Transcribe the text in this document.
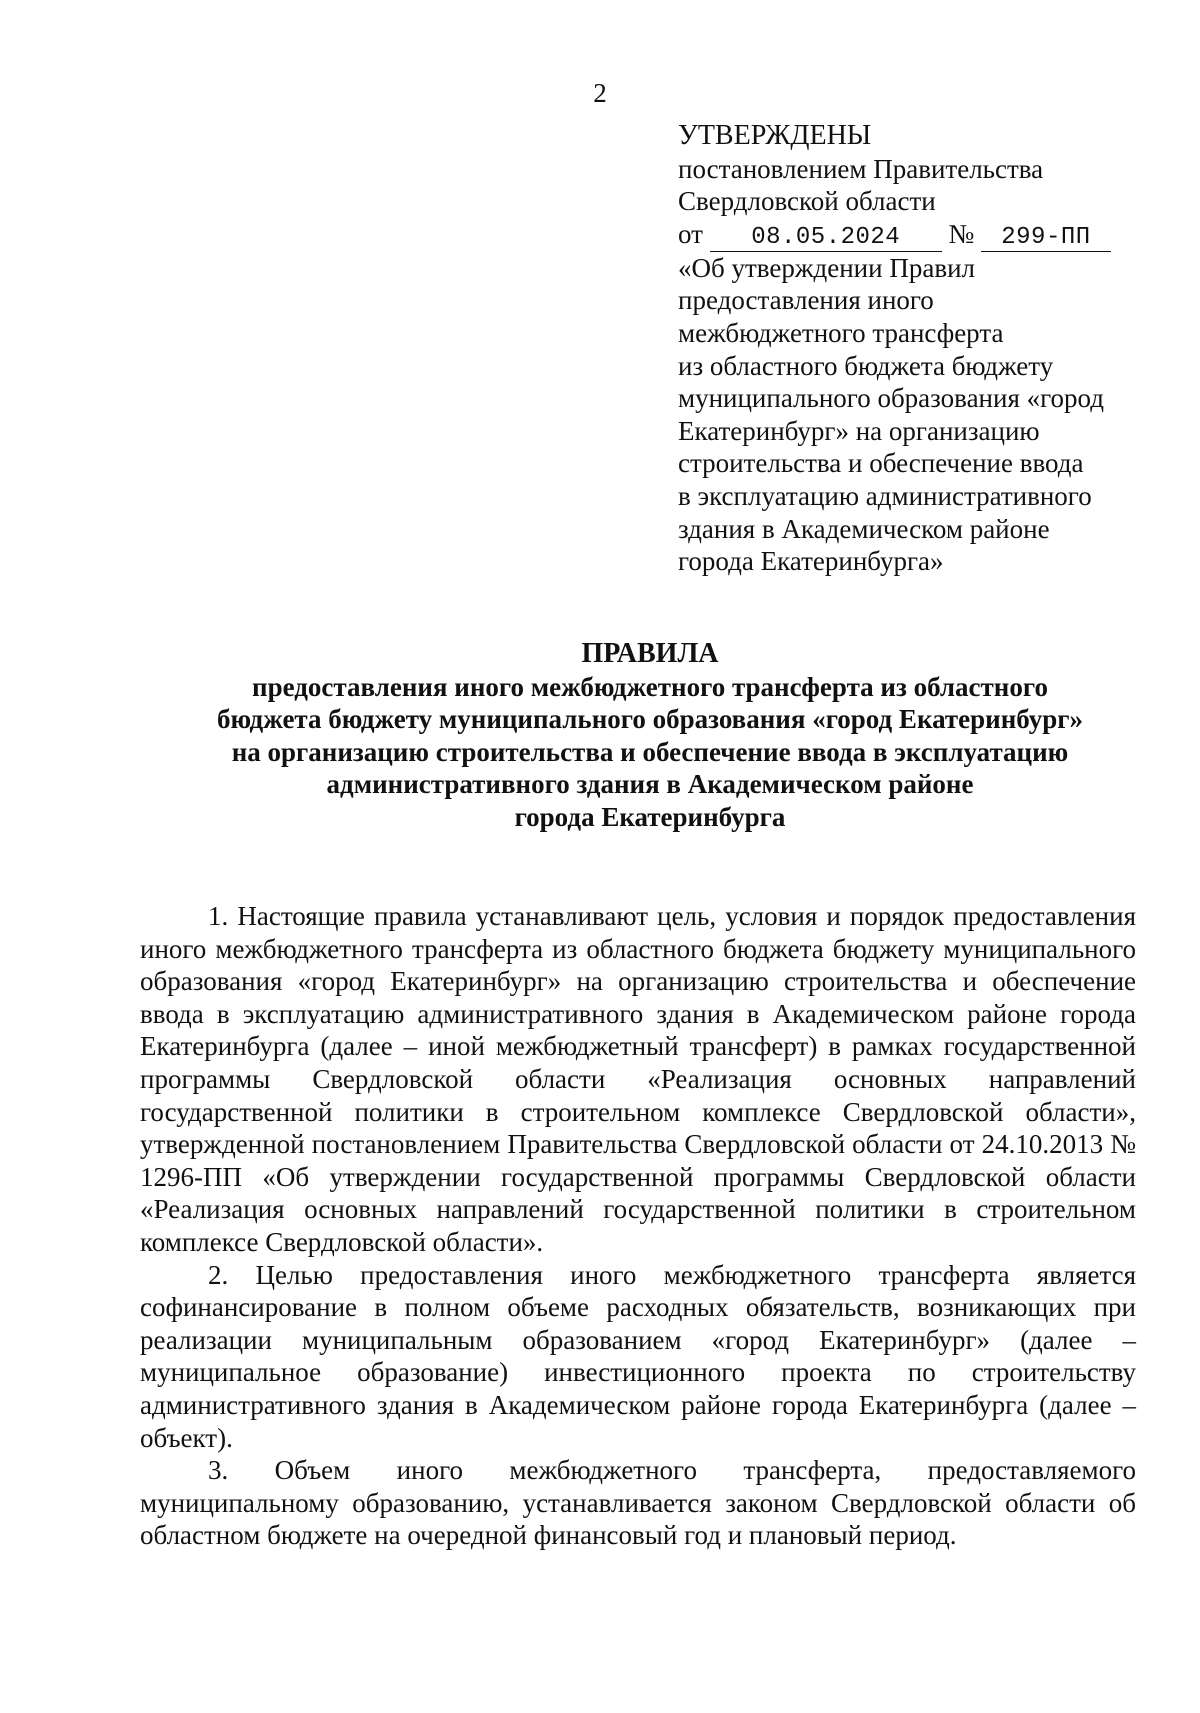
2
УТВЕРЖДЕНЫ
постановлением Правительства
Свердловской области
от 08.05.2024 № 299-ПП
«Об утверждении Правил
предоставления иного
межбюджетного трансферта
из областного бюджета бюджету
муниципального образования «город
Екатеринбург» на организацию
строительства и обеспечение ввода
в эксплуатацию административного
здания в Академическом районе
города Екатеринбурга»
ПРАВИЛА
предоставления иного межбюджетного трансферта из областного
бюджета бюджету муниципального образования «город Екатеринбург»
на организацию строительства и обеспечение ввода в эксплуатацию
административного здания в Академическом районе
города Екатеринбурга

1. Настоящие правила устанавливают цель, условия и порядок предоставления иного межбюджетного трансферта из областного бюджета бюджету муниципального образования «город Екатеринбург» на организацию строительства и обеспечение ввода в эксплуатацию административного здания в Академическом районе города Екатеринбурга (далее – иной межбюджетный трансферт) в рамках государственной программы Свердловской области «Реализация основных направлений государственной политики в строительном комплексе Свердловской области», утвержденной постановлением Правительства Свердловской области от 24.10.2013 № 1296-ПП «Об утверждении государственной программы Свердловской области «Реализация основных направлений государственной политики в строительном комплексе Свердловской области».

2. Целью предоставления иного межбюджетного трансферта является софинансирование в полном объеме расходных обязательств, возникающих при реализации муниципальным образованием «город Екатеринбург» (далее – муниципальное образование) инвестиционного проекта по строительству административного здания в Академическом районе города Екатеринбурга (далее – объект).

3. Объем иного межбюджетного трансферта, предоставляемого муниципальному образованию, устанавливается законом Свердловской области об областном бюджете на очередной финансовый год и плановый период.
